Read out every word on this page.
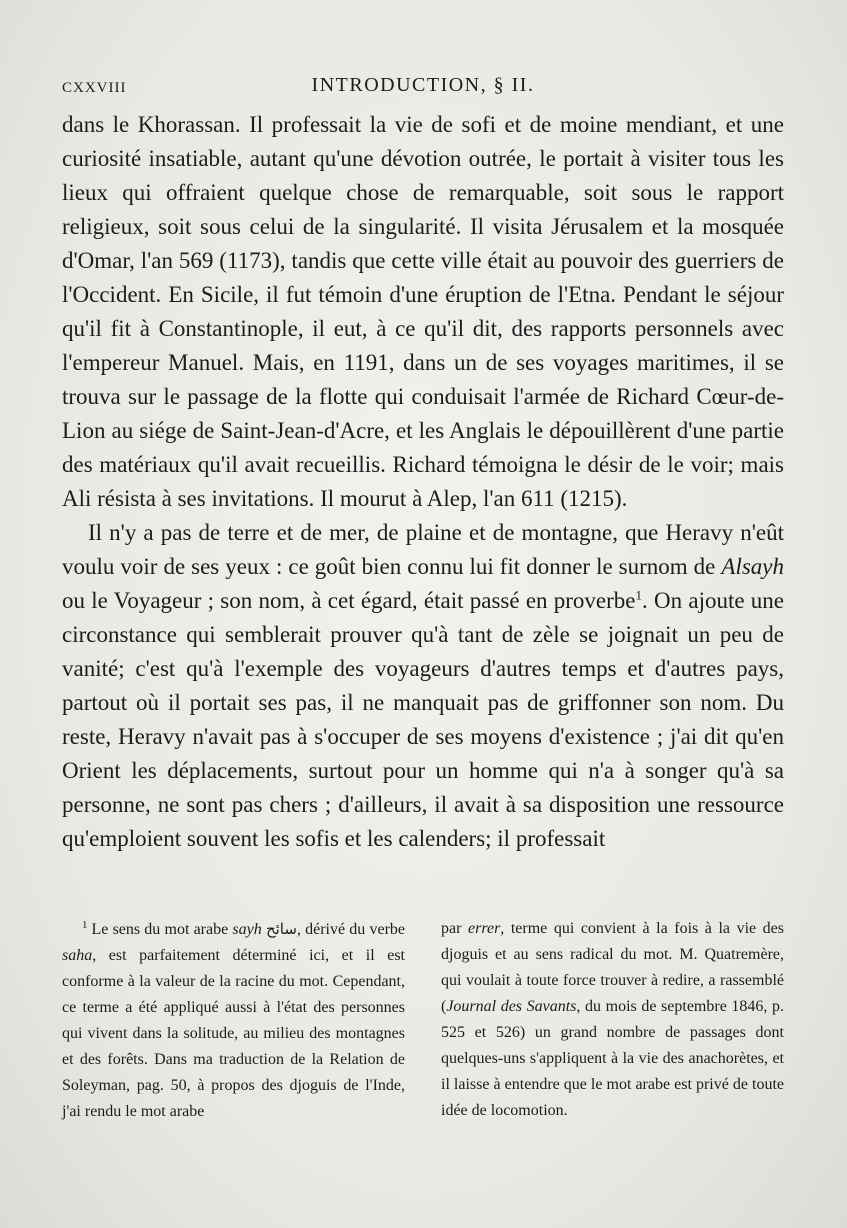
CXXVIII	INTRODUCTION, § II.

dans le Khorassan. Il professait la vie de sofi et de moine mendiant, et une curiosité insatiable, autant qu'une dévotion outrée, le portait à visiter tous les lieux qui offraient quelque chose de remarquable, soit sous le rapport religieux, soit sous celui de la singularité. Il visita Jérusalem et la mosquée d'Omar, l'an 569 (1173), tandis que cette ville était au pouvoir des guerriers de l'Occident. En Sicile, il fut témoin d'une éruption de l'Etna. Pendant le séjour qu'il fit à Constantinople, il eut, à ce qu'il dit, des rapports personnels avec l'empereur Manuel. Mais, en 1191, dans un de ses voyages maritimes, il se trouva sur le passage de la flotte qui conduisait l'armée de Richard Cœur-de-Lion au siége de Saint-Jean-d'Acre, et les Anglais le dépouillèrent d'une partie des matériaux qu'il avait recueillis. Richard témoigna le désir de le voir; mais Ali résista à ses invitations. Il mourut à Alep, l'an 611 (1215).

Il n'y a pas de terre et de mer, de plaine et de montagne, que Heravy n'eût voulu voir de ses yeux : ce goût bien connu lui fit donner le surnom de Alsayh ou le Voyageur ; son nom, à cet égard, était passé en proverbe$^1$. On ajoute une circonstance qui semblerait prouver qu'à tant de zèle se joignait un peu de vanité; c'est qu'à l'exemple des voyageurs d'autres temps et d'autres pays, partout où il portait ses pas, il ne manquait pas de griffonner son nom. Du reste, Heravy n'avait pas à s'occuper de ses moyens d'existence ; j'ai dit qu'en Orient les déplacements, surtout pour un homme qui n'a à songer qu'à sa personne, ne sont pas chers ; d'ailleurs, il avait à sa disposition une ressource qu'emploient souvent les sofis et les calenders; il professait

$^1$ Le sens du mot arabe sayh سائح, dérivé du verbe saha, est parfaitement déterminé ici, et il est conforme à la valeur de la racine du mot. Cependant, ce terme a été appliqué aussi à l'état des personnes qui vivent dans la solitude, au milieu des montagnes et des forêts. Dans ma traduction de la Relation de Soleyman, pag. 50, à propos des djoguis de l'Inde, j'ai rendu le mot arabe
par errer, terme qui convient à la fois à la vie des djoguis et au sens radical du mot. M. Quatremère, qui voulait à toute force trouver à redire, a rassemblé (Journal des Savants, du mois de septembre 1846, p. 525 et 526) un grand nombre de passages dont quelques-uns s'appliquent à la vie des anachorètes, et il laisse à entendre que le mot arabe est privé de toute idée de locomotion.
